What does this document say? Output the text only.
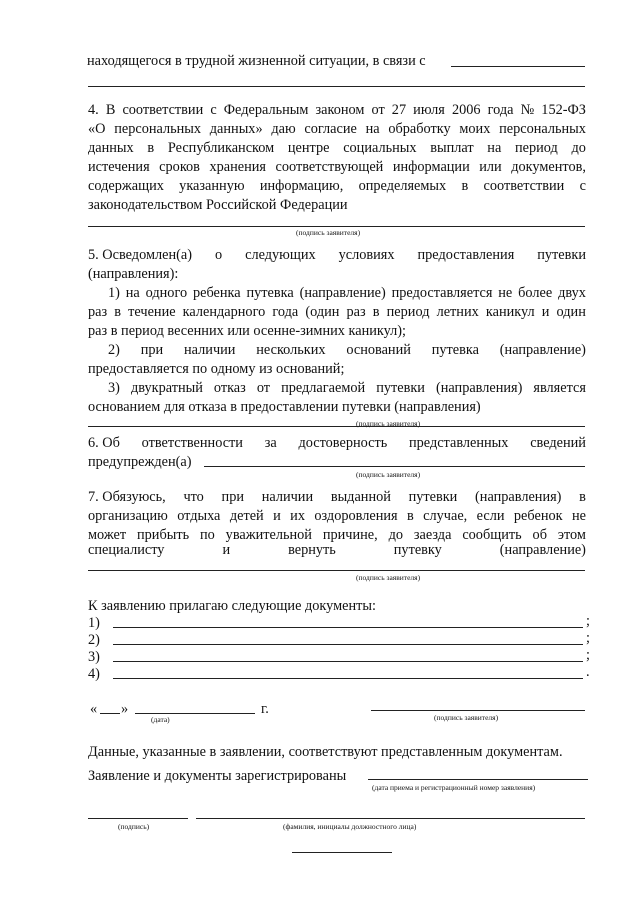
находящегося в трудной жизненной ситуации, в связи с
4. В соответствии с Федеральным законом от 27 июля 2006 года № 152-ФЗ
«О персональных данных» даю согласие на обработку моих персональных
данных в Республиканском центре социальных выплат на период до
истечения сроков хранения соответствующей информации или документов,
содержащих указанную информацию, определяемых в соответствии с
законодательством Российской Федерации
(подпись заявителя)
5. Осведомлен(а) о следующих условиях предоставления путевки
(направления):
1) на одного ребенка путевка (направление) предоставляется не более двух
раз в течение календарного года (один раз в период летних каникул и один
раз в период весенних или осенне-зимних каникул);
2) при наличии нескольких оснований путевка (направление)
предоставляется по одному из оснований;
3) двукратный отказ от предлагаемой путевки (направления) является
основанием для отказа в предоставлении путевки (направления)
(подпись заявителя)
6. Об ответственности за достоверность представленных сведений
предупрежден(а)
(подпись заявителя)
7. Обязуюсь, что при наличии выданной путевки (направления) в
организацию отдыха детей и их оздоровления в случае, если ребенок не
может прибыть по уважительной причине, до заезда сообщить об этом
специалисту	и	вернуть	путевку	(направление)
(подпись заявителя)
К заявлению прилагаю следующие документы:
1)	;
2)	;
3)	;
4)	.
« »	г.
(дата)	(подпись заявителя)
Данные, указанные в заявлении, соответствуют представленным документам.
Заявление и документы зарегистрированы
(дата приема и регистрационный номер заявления)
(подпись)	(фамилия, инициалы должностного лица)
